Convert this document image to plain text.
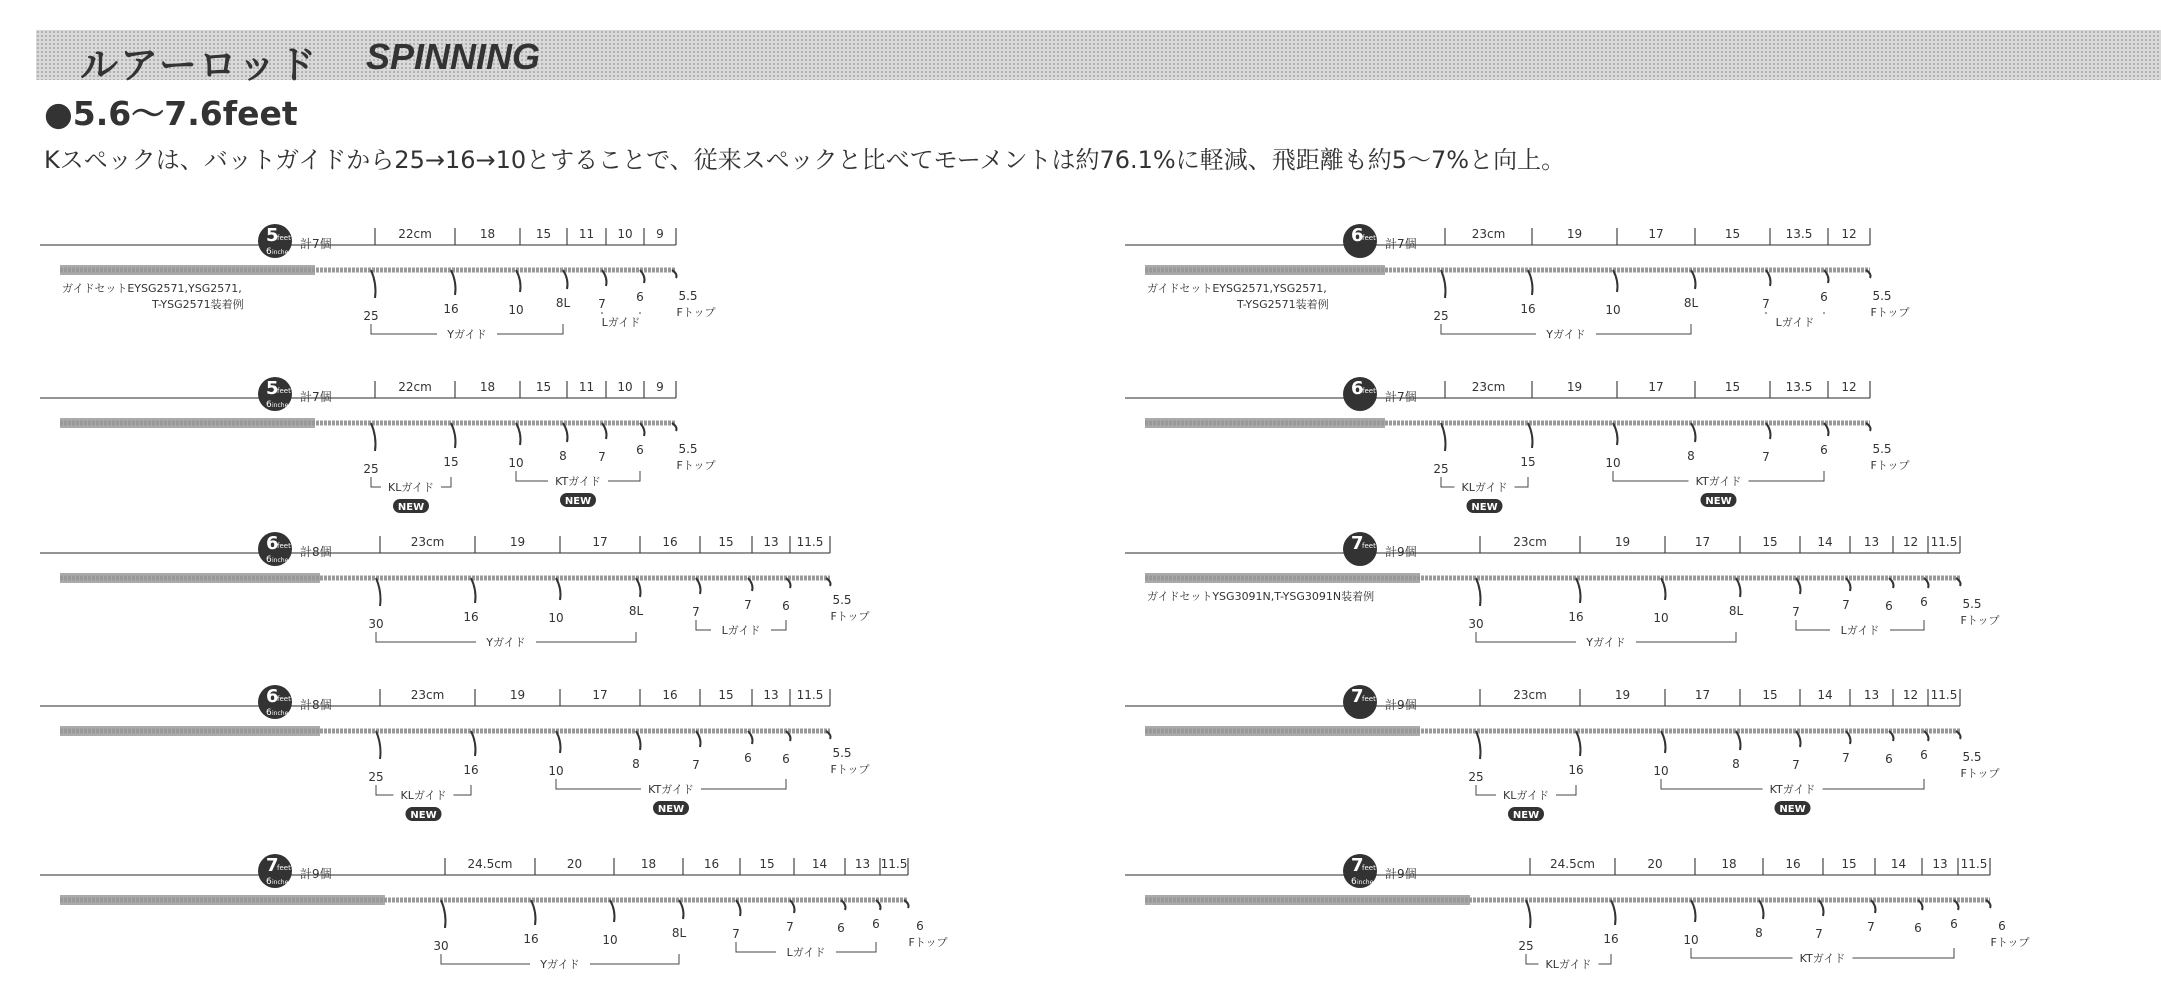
ルアーロッド SPINNING
●5.6〜7.6feet
Kスペックは、バットガイドから25→16→10とすることで、従来スペックと比べてモーメントは約76.1%に軽減、飛距離も約5〜7%と向上。
5
feet
6 inches
計7個
22cm	18	15 11 10 9
25	16	10	8L 7	6	5.5
Fトップ
Yガイド
Lガイド
ガイドセットEYSG2571,YSG2571,
T-YSG2571装着例
6
feet 計7個
23cm	19	17	15	13.5 12
25	16	10	8L	7	6	5.5
Fトップ
Yガイド
Lガイド
ガイドセットEYSG2571,YSG2571,
T-YSG2571装着例
5
feet
6 inches
計7個
22cm	18	15 11 10 9
25	15	10	8	7	6	5.5
Fトップ
KLガイド
NEW
KTガイド
NEW
6
feet 計7個
23cm	19	17	15	13.5 12
25	15	10	8	7	6	5.5
Fトップ
KLガイド
NEW
KTガイド
NEW
6
feet
6 inches
計8個
23cm	19	17	16	15 13 11.5
30	16	10	8L	7	7	6	5.5
Fトップ
Yガイド
Lガイド
7
feet 計9個
23cm	19	17	15	14	13 12 11.5
30	16	10	8L	7	7	6 6	5.5
Fトップ
Yガイド
Lガイド
ガイドセットYSG3091N,T-YSG3091N装着例
6
feet
6 inches
計8個
23cm	19	17	16	15 13 11.5
25	16	10	8	7	6	6	5.5
Fトップ
KLガイド
NEW
KTガイド
NEW
7
feet 計9個
23cm	19	17	15	14	13 12 11.5
25	16	10	8	7	7	6 6	5.5
Fトップ
KLガイド
NEW
KTガイド
NEW
7
feet
6 inches
計9個
24.5cm	20	18	16	15	14 13 11.5
30	16	10	8L	7	7	6 6	6
Fトップ
Yガイド
Lガイド
7
feet
6 inches
計9個
24.5cm	20	18	16	15	14 13 11.5
25	16	10	8	7	7	6 6	6
Fトップ
KLガイド	KTガイド
